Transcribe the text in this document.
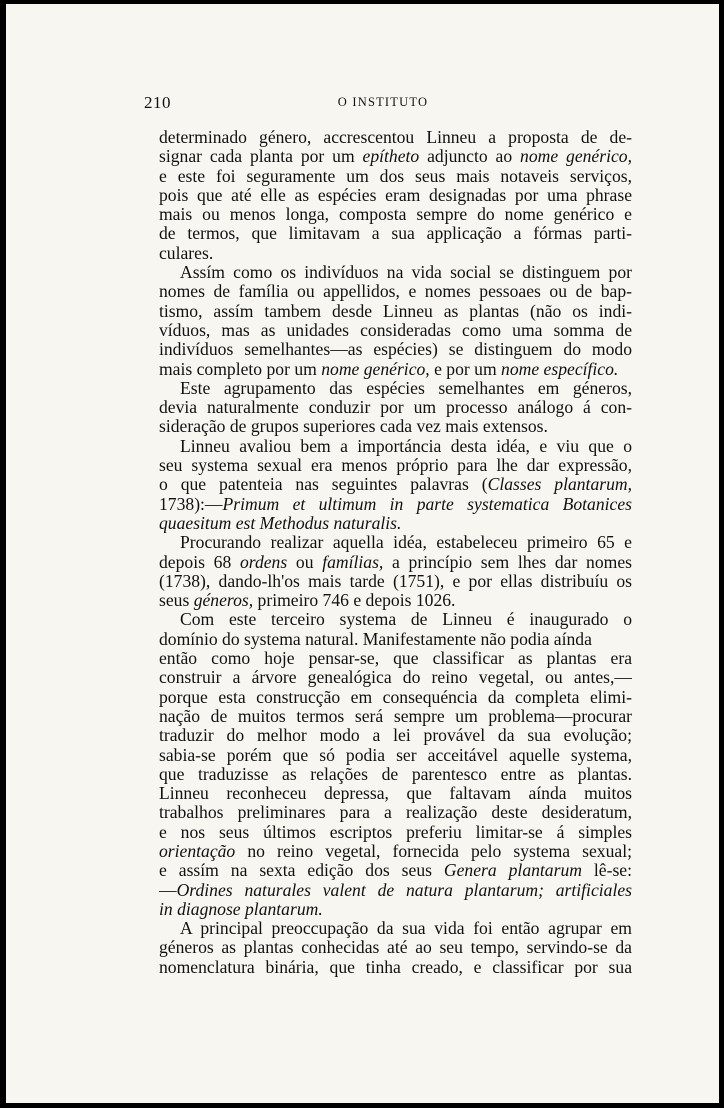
210	O INSTITUTO
determinado género, accrescentou Linneu a proposta de de-
signar cada planta por um epítheto adjuncto ao nome genérico,
e este foi seguramente um dos seus mais notaveis serviços,
pois que até elle as espécies eram designadas por uma phrase
mais ou menos longa, composta sempre do nome genérico e
de termos, que limitavam a sua applicação a fórmas parti-
culares.
Assím como os indivíduos na vida social se distinguem por
nomes de família ou appellidos, e nomes pessoaes ou de bap-
tismo, assím tambem desde Linneu as plantas (não os indi-
víduos, mas as unidades consideradas como uma somma de
indivíduos semelhantes—as espécies) se distinguem do modo
mais completo por um nome genérico, e por um nome específico.
Este agrupamento das espécies semelhantes em géneros,
devia naturalmente conduzir por um processo análogo á con-
sideração de grupos superiores cada vez mais extensos.
Linneu avaliou bem a importáncia desta idéa, e viu que o
seu systema sexual era menos próprio para lhe dar expressão,
o que patenteia nas seguintes palavras (Classes plantarum,
1738):—Primum et ultimum in parte systematica Botanices
quaesitum est Methodus naturalis.
Procurando realizar aquella idéa, estabeleceu primeiro 65 e
depois 68 ordens ou famílias, a princípio sem lhes dar nomes
(1738), dando-lh'os mais tarde (1751), e por ellas distribuíu os
seus géneros, primeiro 746 e depois 1026.
Com este terceiro systema de Linneu é inaugurado o
domínio do systema natural. Manifestamente não podia aínda
então como hoje pensar-se, que classificar as plantas era
construir a árvore genealógica do reino vegetal, ou antes,—
porque esta construcção em consequéncia da completa elimi-
nação de muitos termos será sempre um problema—procurar
traduzir do melhor modo a lei provável da sua evolução;
sabia-se porém que só podia ser acceitável aquelle systema,
que traduzisse as relações de parentesco entre as plantas.
Linneu reconheceu depressa, que faltavam aínda muitos
trabalhos preliminares para a realização deste desideratum,
e nos seus últimos escriptos preferiu limitar-se á simples
orientação no reino vegetal, fornecida pelo systema sexual;
e assím na sexta edição dos seus Genera plantarum lê-se:
—Ordines naturales valent de natura plantarum; artificiales
in diagnose plantarum.
A principal preoccupação da sua vida foi então agrupar em
géneros as plantas conhecidas até ao seu tempo, servindo-se da
nomenclatura binária, que tinha creado, e classificar por sua
